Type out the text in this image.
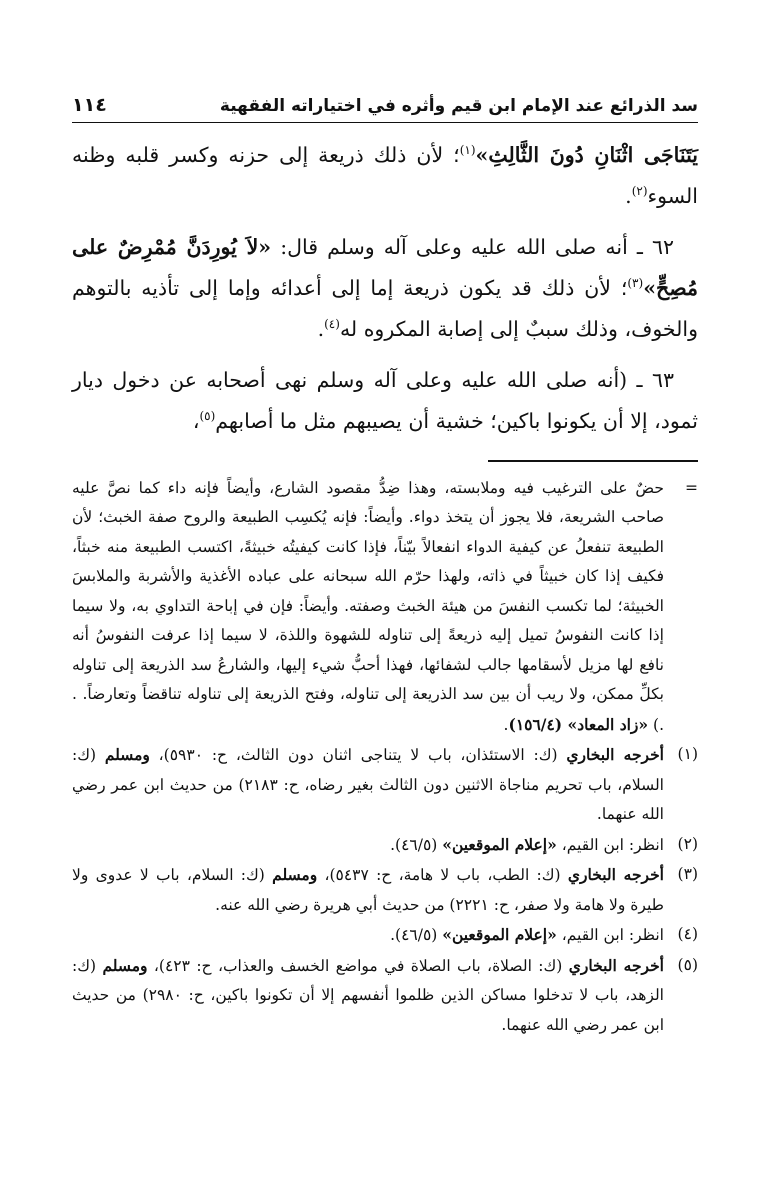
سد الذرائع عند الإمام ابن قيم وأثره في اختياراته الفقهية
١١٤

يَتَنَاجَى اثْنَانِ دُونَ الثَّالِثِ»$^{(١)}$؛ لأن ذلك ذريعة إلى حزنه وكسر قلبه وظنه السوء$^{(٢)}$.

٦٢ ـ أنه صلى الله عليه وعلى آله وسلم قال: «لاَ يُورِدَنَّ مُمْرِضٌ على مُصِحٍّ»$^{(٣)}$؛ لأن ذلك قد يكون ذريعة إما إلى أعدائه وإما إلى تأذيه بالتوهم والخوف، وذلك سببٌ إلى إصابة المكروه له$^{(٤)}$.

٦٣ ـ (أنه صلى الله عليه وعلى آله وسلم نهى أصحابه عن دخول ديار ثمود، إلا أن يكونوا باكين؛ خشية أن يصيبهم مثل ما أصابهم$^{(٥)}$،

=
حضٌ على الترغيب فيه وملابسته، وهذا ضِدُّ مقصود الشارع، وأيضاً فإنه داء كما نصَّ عليه صاحب الشريعة، فلا يجوز أن يتخذ دواء. وأيضاً: فإنه يُكسِب الطبيعة والروح صفة الخبث؛ لأن الطبيعة تنفعلُ عن كيفية الدواء انفعالاً بيّناً، فإذا كانت كيفيتُه خبيثةً، اكتسب الطبيعة منه خبثاً، فكيف إذا كان خبيثاً في ذاته، ولهذا حرّم الله سبحانه على عباده الأغذية والأشربة والملابسَ الخبيثة؛ لما تكسب النفسَ من هيئة الخبث وصفته. وأيضاً: فإن في إباحة التداوي به، ولا سيما إذا كانت النفوسُ تميل إليه ذريعةً إلى تناوله للشهوة واللذة، لا سيما إذا عرفت النفوسُ أنه نافع لها مزيل لأسقامها جالب لشفائها، فهذا أحبُّ شيء إليها، والشارعُ سد الذريعة إلى تناوله بكلِّ ممكن، ولا ريب أن بين سد الذريعة إلى تناوله، وفتح الذريعة إلى تناوله تناقضاً وتعارضاً. . .) «زاد المعاد» (١٥٦/٤).
(١)
أخرجه البخاري (ك: الاستئذان، باب لا يتناجى اثنان دون الثالث، ح: ٥٩٣٠)، ومسلم (ك: السلام، باب تحريم مناجاة الاثنين دون الثالث بغير رضاه، ح: ٢١٨٣) من حديث ابن عمر رضي الله عنهما.
(٢)
انظر: ابن القيم، «إعلام الموقعين» (٤٦/٥).
(٣)
أخرجه البخاري (ك: الطب، باب لا هامة، ح: ٥٤٣٧)، ومسلم (ك: السلام، باب لا عدوى ولا طيرة ولا هامة ولا صفر، ح: ٢٢٢١) من حديث أبي هريرة رضي الله عنه.
(٤)
انظر: ابن القيم، «إعلام الموقعين» (٤٦/٥).
(٥)
أخرجه البخاري (ك: الصلاة، باب الصلاة في مواضع الخسف والعذاب، ح: ٤٢٣)، ومسلم (ك: الزهد، باب لا تدخلوا مساكن الذين ظلموا أنفسهم إلا أن تكونوا باكين، ح: ٢٩٨٠) من حديث ابن عمر رضي الله عنهما.
